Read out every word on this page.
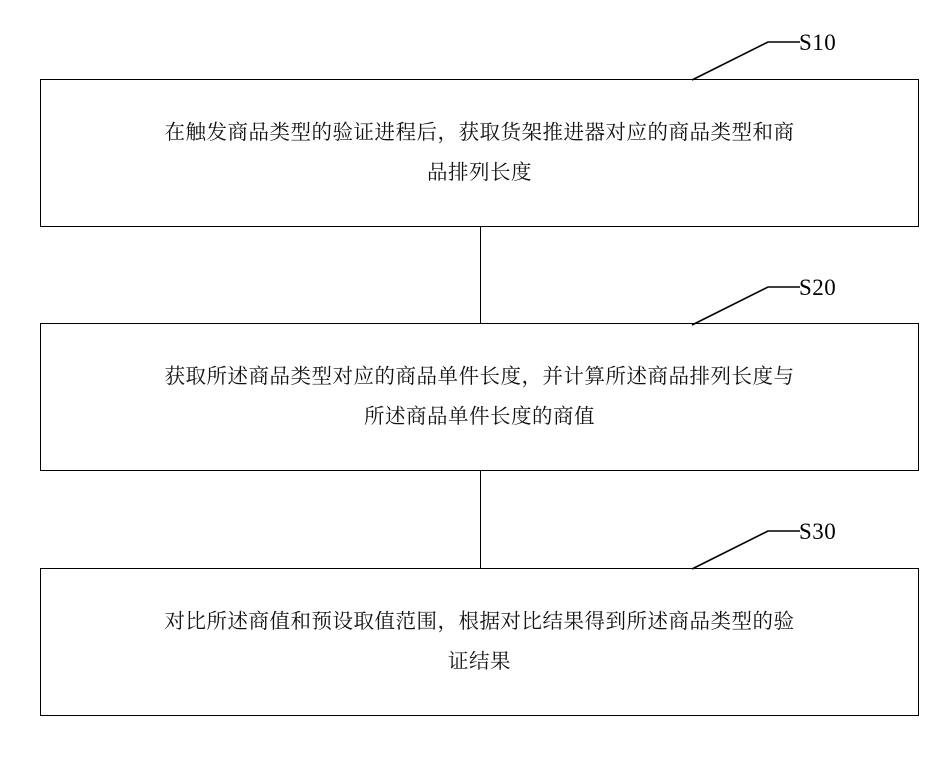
在触发商品类型的验证进程后，获取货架推进器对应的商品类型和商
品排列长度
S10
获取所述商品类型对应的商品单件长度，并计算所述商品排列长度与
所述商品单件长度的商值
S20
对比所述商值和预设取值范围，根据对比结果得到所述商品类型的验
证结果
S30
